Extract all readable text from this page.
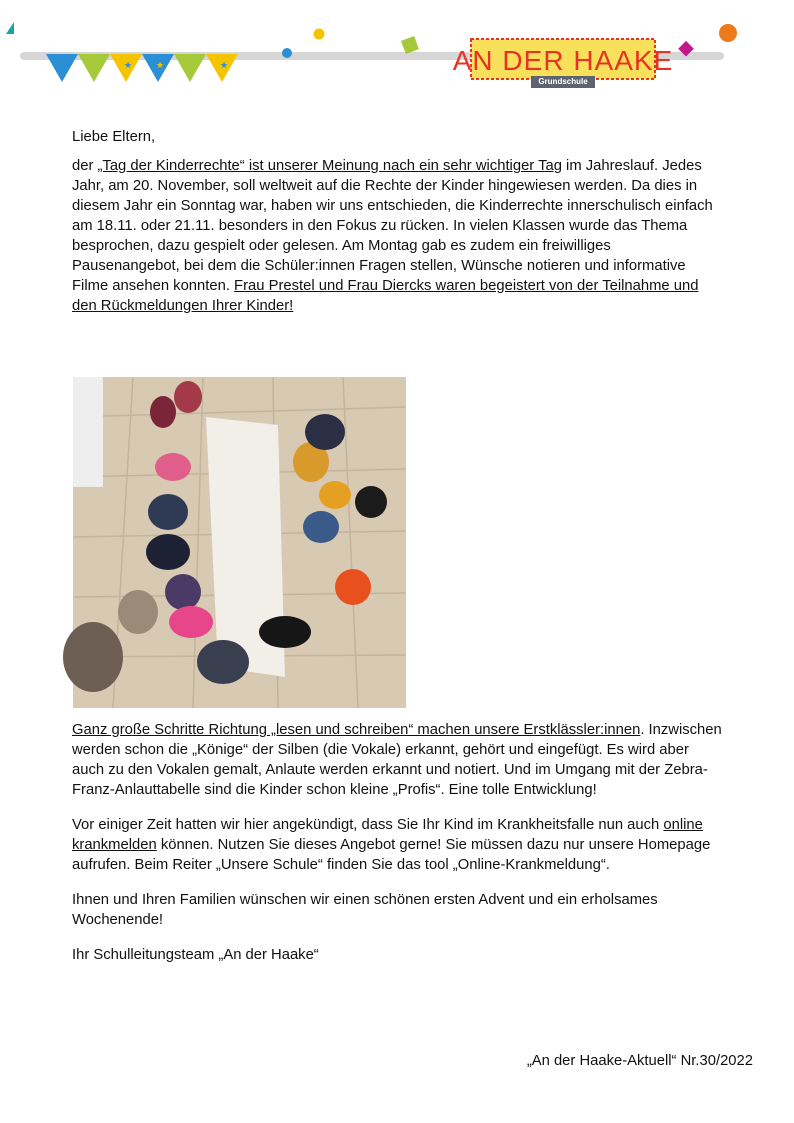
★	★	★	AN DER HAAKE
Grundschule

Liebe Eltern,

der „Tag der Kinderrechte“ ist unserer Meinung nach ein sehr wichtiger Tag im Jahreslauf. Jedes Jahr, am 20. November, soll weltweit auf die Rechte der Kinder hingewiesen werden. Da dies in diesem Jahr ein Sonntag war, haben wir uns entschieden, die Kinderrechte innerschulisch einfach am 18.11. oder 21.11. besonders in den Fokus zu rücken. In vielen Klassen wurde das Thema besprochen, dazu gespielt oder gelesen. Am Montag gab es zudem ein freiwilliges Pausenangebot, bei dem die Schüler:innen Fragen stellen, Wünsche notieren und informative Filme ansehen konnten. Frau Prestel und Frau Diercks waren begeistert von der Teilnahme und den Rückmeldungen Ihrer Kinder!

Ganz große Schritte Richtung „lesen und schreiben“ machen unsere Erstklässler:innen. Inzwischen werden schon die „Könige“ der Silben (die Vokale) erkannt, gehört und eingefügt. Es wird aber auch zu den Vokalen gemalt, Anlaute werden erkannt und notiert. Und im Umgang mit der Zebra-Franz-Anlauttabelle sind die Kinder schon kleine „Profis“. Eine tolle Entwicklung!

Vor einiger Zeit hatten wir hier angekündigt, dass Sie Ihr Kind im Krankheitsfalle nun auch online krankmelden können. Nutzen Sie dieses Angebot gerne! Sie müssen dazu nur unsere Homepage aufrufen. Beim Reiter „Unsere Schule“ finden Sie das tool „Online-Krankmeldung“.

Ihnen und Ihren Familien wünschen wir einen schönen ersten Advent und ein erholsames Wochenende!

Ihr Schulleitungsteam „An der Haake“

„An der Haake-Aktuell“ Nr.30/2022
